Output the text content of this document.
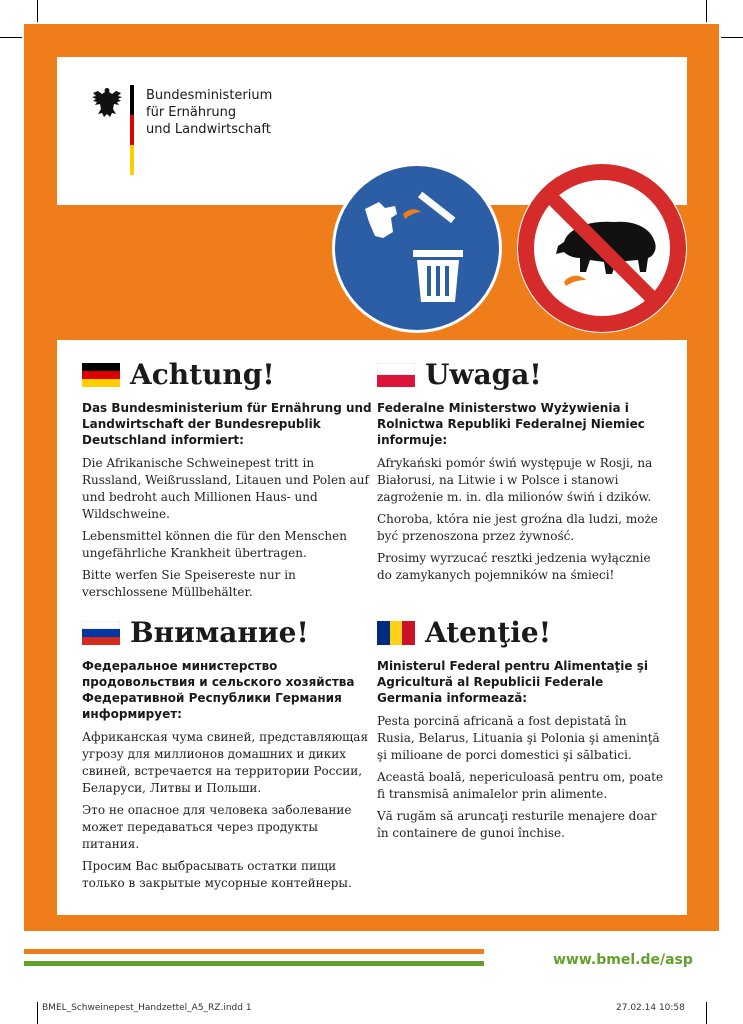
Bundesministerium
für Ernährung
und Landwirtschaft
Achtung!

Das Bundesministerium für Ernährung und Landwirtschaft der Bundesrepublik Deutschland informiert:

Die Afrikanische Schweinepest tritt in Russland, Weißrussland, Litauen und Polen auf und bedroht auch Millionen Haus- und Wildschweine.

Lebensmittel können die für den Menschen ungefährliche Krankheit übertragen.

Bitte werfen Sie Speisereste nur in verschlossene Müllbehälter.

Uwaga!

Federalne Ministerstwo Wyżywienia i Rolnictwa Republiki Federalnej Niemiec informuje:

Afrykański pomór świń występuje w Rosji, na Białorusi, na Litwie i w Polsce i stanowi zagrożenie m. in. dla milionów świń i dzików.

Choroba, która nie jest groźna dla ludzi, może być przenoszona przez żywność.

Prosimy wyrzucać resztki jedzenia wyłącznie do zamykanych pojemników na śmieci!

Внимание!

Федеральное министерство продовольствия и сельского хозяйства Федеративной Республики Германия информирует:

Африканская чума свиней, представляющая угрозу для миллионов домашних и диких свиней, встречается на территории России, Беларуси, Литвы и Польши.

Это не опасное для человека заболевание может передаваться через продукты питания.

Просим Вас выбрасывать остатки пищи только в закрытые мусорные контейнеры.

Atenţie!

Ministerul Federal pentru Alimentaţie şi Agricultură al Republicii Federale Germania informează:

Pesta porcină africană a fost depistată în Rusia, Belarus, Lituania şi Polonia şi ameninţă şi milioane de porci domestici şi sălbatici.

Această boală, nepericuloasă pentru om, poate fi transmisă animalelor prin alimente.

Vă rugăm să aruncaţi resturile menajere doar în containere de gunoi închise.

www.bmel.de/asp
BMEL_Schweinepest_Handzettel_A5_RZ.indd 1	27.02.14 10:58
